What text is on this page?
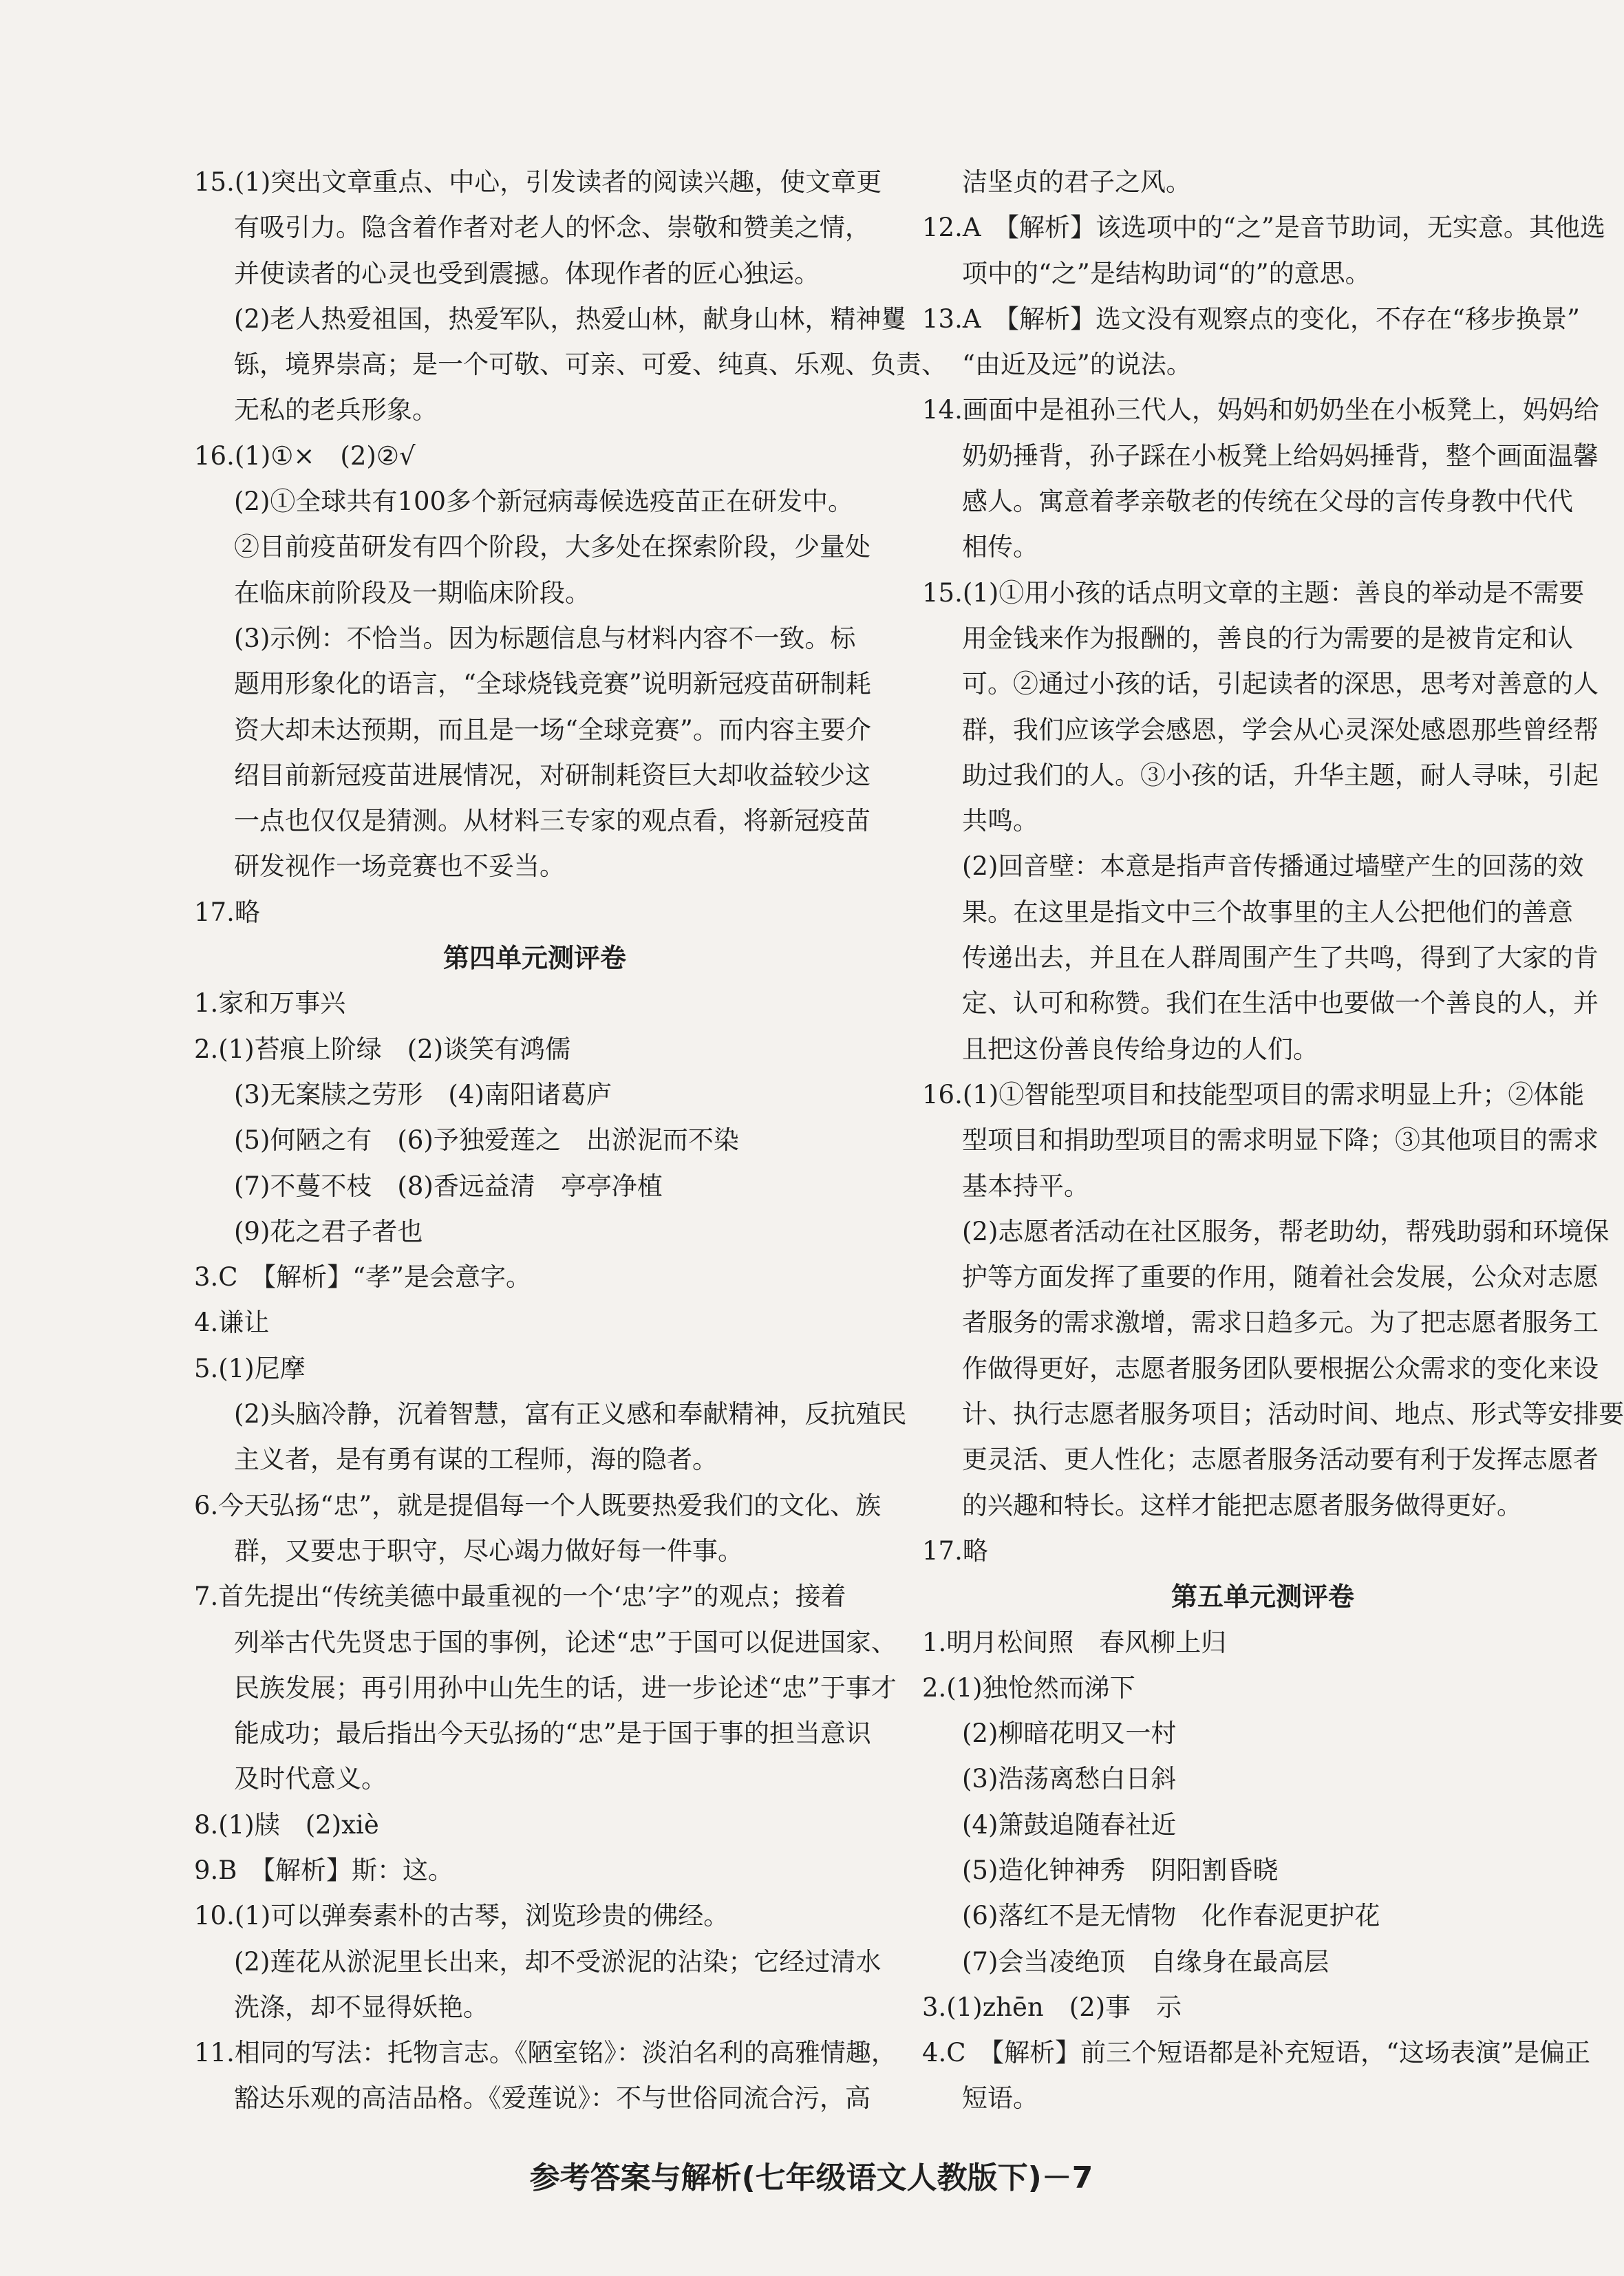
15.(1)突出文章重点、中心，引发读者的阅读兴趣，使文章更
有吸引力。隐含着作者对老人的怀念、崇敬和赞美之情，
并使读者的心灵也受到震撼。体现作者的匠心独运。
(2)老人热爱祖国，热爱军队，热爱山林，献身山林，精神矍
铄，境界崇高；是一个可敬、可亲、可爱、纯真、乐观、负责、
无私的老兵形象。
16.(1)①×　(2)②√
(2)①全球共有100多个新冠病毒候选疫苗正在研发中。
②目前疫苗研发有四个阶段，大多处在探索阶段，少量处
在临床前阶段及一期临床阶段。
(3)示例：不恰当。因为标题信息与材料内容不一致。标
题用形象化的语言，“全球烧钱竞赛”说明新冠疫苗研制耗
资大却未达预期，而且是一场“全球竞赛”。而内容主要介
绍目前新冠疫苗进展情况，对研制耗资巨大却收益较少这
一点也仅仅是猜测。从材料三专家的观点看，将新冠疫苗
研发视作一场竞赛也不妥当。
17.略
第四单元测评卷
1.家和万事兴
2.(1)苔痕上阶绿　(2)谈笑有鸿儒
(3)无案牍之劳形　(4)南阳诸葛庐
(5)何陋之有　(6)予独爱莲之　出淤泥而不染
(7)不蔓不枝　(8)香远益清　亭亭净植
(9)花之君子者也
3.C　【解析】“孝”是会意字。
4.谦让
5.(1)尼摩
(2)头脑冷静，沉着智慧，富有正义感和奉献精神，反抗殖民
主义者，是有勇有谋的工程师，海的隐者。
6.今天弘扬“忠”，就是提倡每一个人既要热爱我们的文化、族
群，又要忠于职守，尽心竭力做好每一件事。
7.首先提出“传统美德中最重视的一个‘忠’字”的观点；接着
列举古代先贤忠于国的事例，论述“忠”于国可以促进国家、
民族发展；再引用孙中山先生的话，进一步论述“忠”于事才
能成功；最后指出今天弘扬的“忠”是于国于事的担当意识
及时代意义。
8.(1)牍　(2)xiè
9.B　【解析】斯：这。
10.(1)可以弹奏素朴的古琴，浏览珍贵的佛经。
(2)莲花从淤泥里长出来，却不受淤泥的沾染；它经过清水
洗涤，却不显得妖艳。
11.相同的写法：托物言志。《陋室铭》：淡泊名利的高雅情趣，
豁达乐观的高洁品格。《爱莲说》：不与世俗同流合污，高
洁坚贞的君子之风。
12.A　【解析】该选项中的“之”是音节助词，无实意。其他选
项中的“之”是结构助词“的”的意思。
13.A　【解析】选文没有观察点的变化，不存在“移步换景”
“由近及远”的说法。
14.画面中是祖孙三代人，妈妈和奶奶坐在小板凳上，妈妈给
奶奶捶背，孙子踩在小板凳上给妈妈捶背，整个画面温馨
感人。寓意着孝亲敬老的传统在父母的言传身教中代代
相传。
15.(1)①用小孩的话点明文章的主题：善良的举动是不需要
用金钱来作为报酬的，善良的行为需要的是被肯定和认
可。②通过小孩的话，引起读者的深思，思考对善意的人
群，我们应该学会感恩，学会从心灵深处感恩那些曾经帮
助过我们的人。③小孩的话，升华主题，耐人寻味，引起
共鸣。
(2)回音壁：本意是指声音传播通过墙壁产生的回荡的效
果。在这里是指文中三个故事里的主人公把他们的善意
传递出去，并且在人群周围产生了共鸣，得到了大家的肯
定、认可和称赞。我们在生活中也要做一个善良的人，并
且把这份善良传给身边的人们。
16.(1)①智能型项目和技能型项目的需求明显上升；②体能
型项目和捐助型项目的需求明显下降；③其他项目的需求
基本持平。
(2)志愿者活动在社区服务，帮老助幼，帮残助弱和环境保
护等方面发挥了重要的作用，随着社会发展，公众对志愿
者服务的需求激增，需求日趋多元。为了把志愿者服务工
作做得更好，志愿者服务团队要根据公众需求的变化来设
计、执行志愿者服务项目；活动时间、地点、形式等安排要
更灵活、更人性化；志愿者服务活动要有利于发挥志愿者
的兴趣和特长。这样才能把志愿者服务做得更好。
17.略
第五单元测评卷
1.明月松间照　春风柳上归
2.(1)独怆然而涕下
(2)柳暗花明又一村
(3)浩荡离愁白日斜
(4)箫鼓追随春社近
(5)造化钟神秀　阴阳割昏晓
(6)落红不是无情物　化作春泥更护花
(7)会当凌绝顶　自缘身在最高层
3.(1)zhēn　(2)事　示
4.C　【解析】前三个短语都是补充短语，“这场表演”是偏正
短语。
参考答案与解析(七年级语文人教版下)－7
